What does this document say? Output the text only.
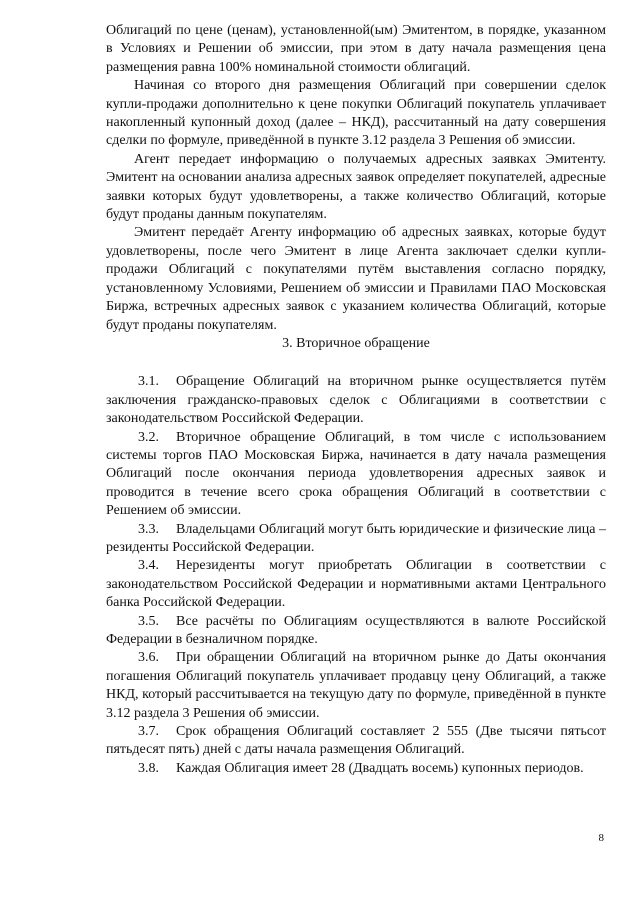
Облигаций по цене (ценам), установленной(ым) Эмитентом, в порядке, указанном в Условиях и Решении об эмиссии, при этом в дату начала размещения цена размещения равна 100% номинальной стоимости облигаций.

Начиная со второго дня размещения Облигаций при совершении сделок купли-продажи дополнительно к цене покупки Облигаций покупатель уплачивает накопленный купонный доход (далее – НКД), рассчитанный на дату совершения сделки по формуле, приведённой в пункте 3.12 раздела 3 Решения об эмиссии.

Агент передает информацию о получаемых адресных заявках Эмитенту. Эмитент на основании анализа адресных заявок определяет покупателей, адресные заявки которых будут удовлетворены, а также количество Облигаций, которые будут проданы данным покупателям.

Эмитент передаёт Агенту информацию об адресных заявках, которые будут удовлетворены, после чего Эмитент в лице Агента заключает сделки купли-продажи Облигаций с покупателями путём выставления согласно порядку, установленному Условиями, Решением об эмиссии и Правилами ПАО Московская Биржа, встречных адресных заявок с указанием количества Облигаций, которые будут проданы покупателям.

3. Вторичное обращение

3.1. Обращение Облигаций на вторичном рынке осуществляется путём заключения гражданско-правовых сделок с Облигациями в соответствии с законодательством Российской Федерации.

3.2. Вторичное обращение Облигаций, в том числе с использованием системы торгов ПАО Московская Биржа, начинается в дату начала размещения Облигаций после окончания периода удовлетворения адресных заявок и проводится в течение всего срока обращения Облигаций в соответствии с Решением об эмиссии.

3.3. Владельцами Облигаций могут быть юридические и физические лица – резиденты Российской Федерации.

3.4. Нерезиденты могут приобретать Облигации в соответствии с законодательством Российской Федерации и нормативными актами Центрального банка Российской Федерации.

3.5. Все расчёты по Облигациям осуществляются в валюте Российской Федерации в безналичном порядке.

3.6. При обращении Облигаций на вторичном рынке до Даты окончания погашения Облигаций покупатель уплачивает продавцу цену Облигаций, а также НКД, который рассчитывается на текущую дату по формуле, приведённой в пункте 3.12 раздела 3 Решения об эмиссии.

3.7. Срок обращения Облигаций составляет 2 555 (Две тысячи пятьсот пятьдесят пять) дней с даты начала размещения Облигаций.

3.8. Каждая Облигация имеет 28 (Двадцать восемь) купонных периодов.

8
